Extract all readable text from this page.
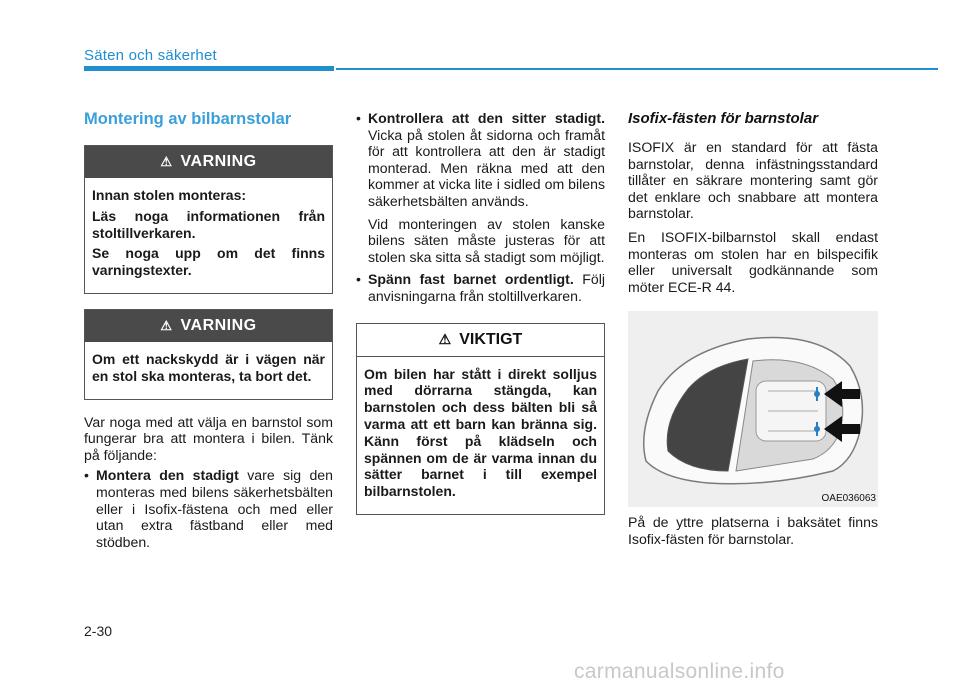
Säten och säkerhet
Montering av bilbarnstolar
⚠ VARNING

Innan stolen monteras:

Läs noga informationen från stoltillverkaren.

Se noga upp om det finns varningstexter.

⚠ VARNING

Om ett nackskydd är i vägen när en stol ska monteras, ta bort det.

Var noga med att välja en barnstol som fungerar bra att montera i bilen. Tänk på följande:

• Montera den stadigt vare sig den monteras med bilens säkerhetsbälten eller i Isofix-fästena och med eller utan extra fästband eller med stödben.
• Kontrollera att den sitter stadigt. Vicka på stolen åt sidorna och framåt för att kontrollera att den är stadigt monterad. Men räkna med att den kommer at vicka lite i sidled om bilens säkerhetsbälten används.

Vid monteringen av stolen kanske bilens säten måste justeras för att stolen ska sitta så stadigt som möjligt.

• Spänn fast barnet ordentligt. Följ anvisningarna från stoltillverkaren.
⚠ VIKTIGT

Om bilen har stått i direkt solljus med dörrarna stängda, kan barnstolen och dess bälten bli så varma att ett barn kan bränna sig. Känn först på klädseln och spännen om de är varma innan du sätter barnet i till exempel bilbarnstolen.

Isofix-fästen för barnstolar

ISOFIX är en standard för att fästa barnstolar, denna infästningsstandard tillåter en säkrare montering samt gör det enklare och snabbare att montera barnstolar.

En ISOFIX-bilbarnstol skall endast monteras om stolen har en bilspecifik eller universalt godkännande som möter ECE-R 44.

OAE036063

På de yttre platserna i baksätet finns Isofix-fästen för barnstolar.

2-30
carmanualsonline.info
